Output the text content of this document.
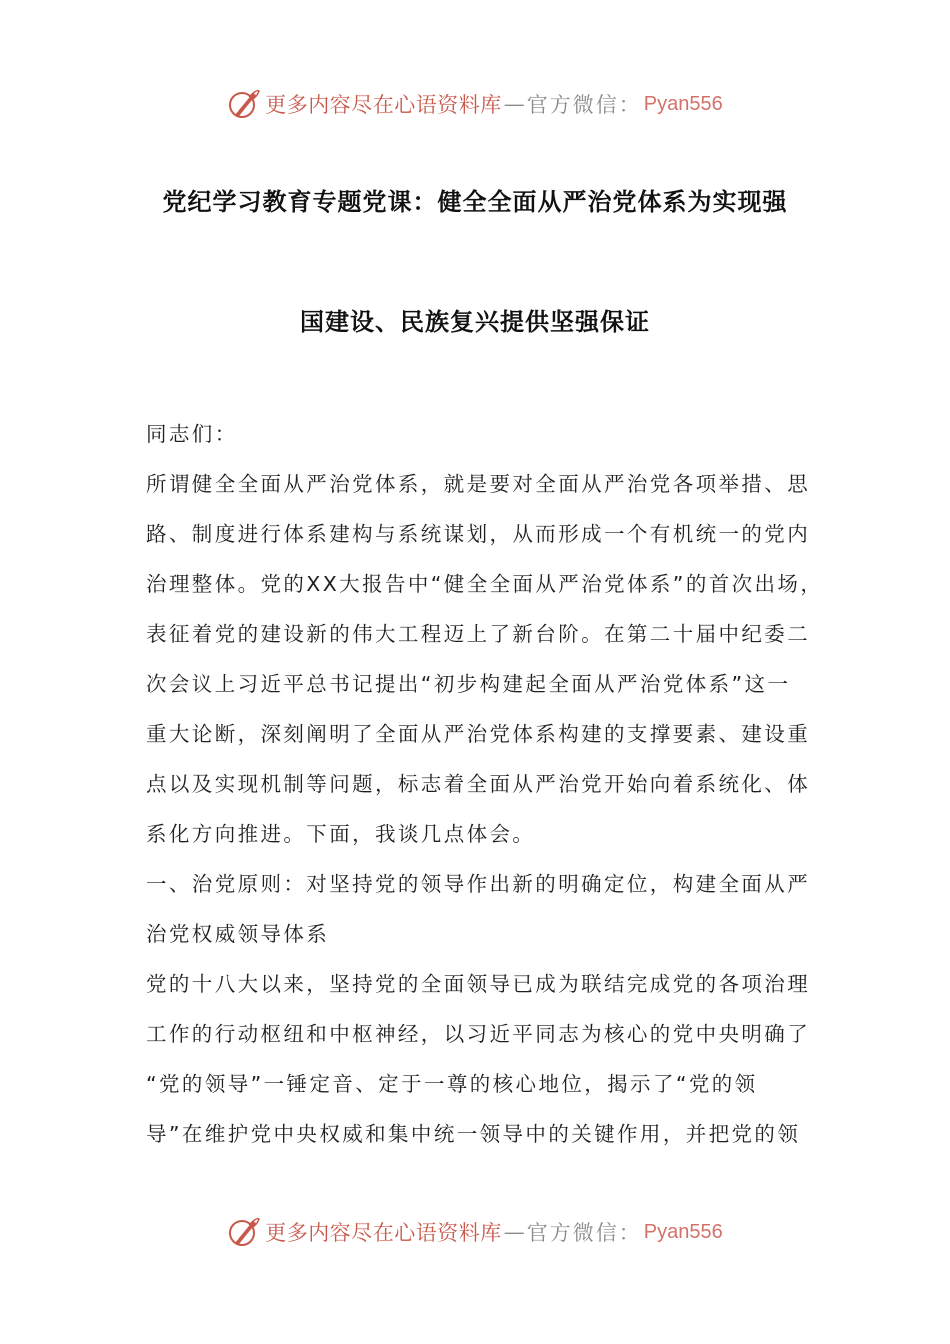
更多内容尽在心语资料库 — 官方微信 ： Pyan556
党纪学习教育专题党课：健全全面从严治党体系为实现强
国建设、民族复兴提供坚强保证
同志们：
所谓健全全面从严治党体系，就是要对全面从严治党各项举措、思
路、制度进行体系建构与系统谋划，从而形成一个有机统一的党内
治理整体。党的XX大报告中“健全全面从严治党体系”的首次出场，
表征着党的建设新的伟大工程迈上了新台阶。在第二十届中纪委二
次会议上习近平总书记提出“初步构建起全面从严治党体系”这一
重大论断，深刻阐明了全面从严治党体系构建的支撑要素、建设重
点以及实现机制等问题，标志着全面从严治党开始向着系统化、体
系化方向推进。下面，我谈几点体会。
一、治党原则：对坚持党的领导作出新的明确定位，构建全面从严
治党权威领导体系
党的十八大以来，坚持党的全面领导已成为联结完成党的各项治理
工作的行动枢纽和中枢神经，以习近平同志为核心的党中央明确了
“党的领导”一锤定音、定于一尊的核心地位，揭示了“党的领
导”在维护党中央权威和集中统一领导中的关键作用，并把党的领
更多内容尽在心语资料库 — 官方微信 ： Pyan556
